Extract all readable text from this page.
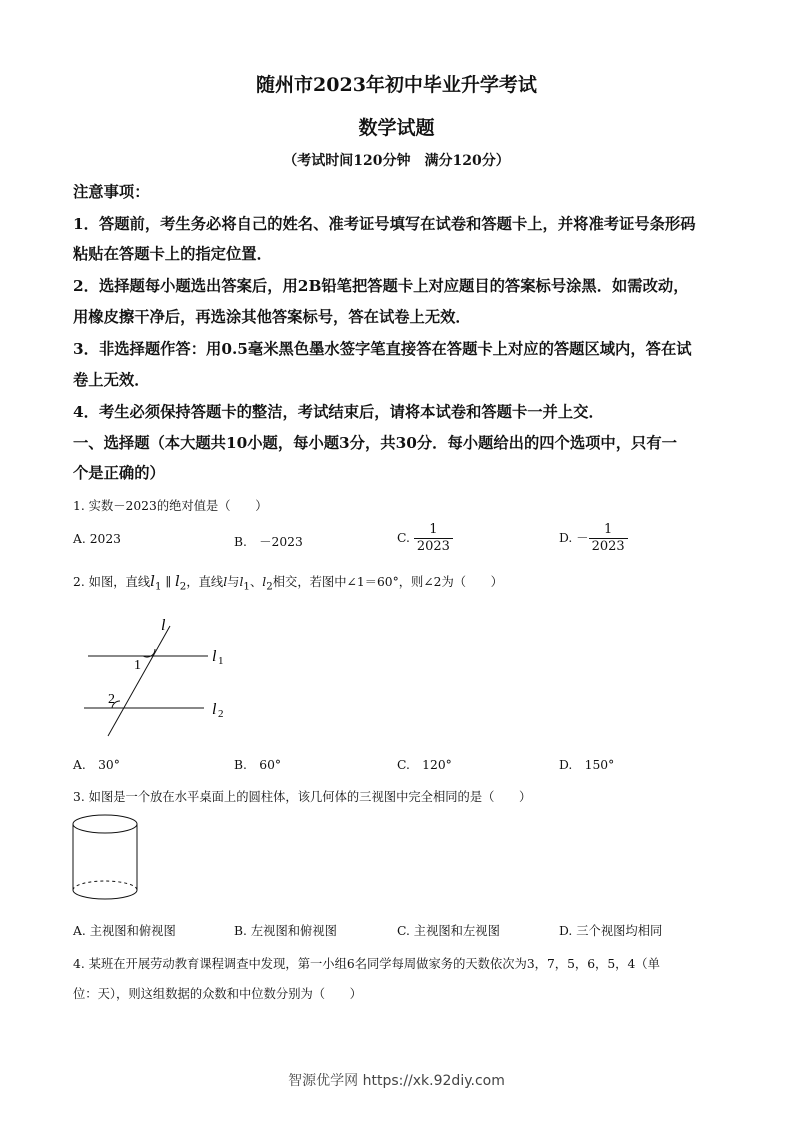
随州市2023年初中毕业升学考试
数学试题
（考试时间120分钟　满分120分）
注意事项：
1．答题前，考生务必将自己的姓名、准考证号填写在试卷和答题卡上，并将准考证号条形码
粘贴在答题卡上的指定位置．
2．选择题每小题选出答案后，用2B铅笔把答题卡上对应题目的答案标号涂黑．如需改动，
用橡皮擦干净后，再选涂其他答案标号，答在试卷上无效．
3．非选择题作答：用0.5毫米黑色墨水签字笔直接答在答题卡上对应的答题区域内，答在试
卷上无效．
4．考生必须保持答题卡的整洁，考试结束后，请将本试卷和答题卡一并上交．
一、选择题（本大题共10小题，每小题3分，共30分．每小题给出的四个选项中，只有一
个是正确的）
1. 实数－2023的绝对值是（　　）
A. 2023	B.　－2023	C. $\frac{1}{2023}$	D. － $\frac{1}{2023}$
2. 如图，直线$l_1$ ∥ $l_2$，直线l与$l_1$、$l_2$相交，若图中∠1＝60°，则∠2为（　　）
l
l 1
l 2
1
2
A.　30°	B.　60°	C.　120°	D.　150°
3. 如图是一个放在水平桌面上的圆柱体，该几何体的三视图中完全相同的是（　　）
A. 主视图和俯视图	B. 左视图和俯视图	C. 主视图和左视图	D. 三个视图均相同
4. 某班在开展劳动教育课程调查中发现，第一小组6名同学每周做家务的天数依次为3，7，5，6，5，4（单
位：天），则这组数据的众数和中位数分别为（　　）
智源优学网 https://xk.92diy.com
